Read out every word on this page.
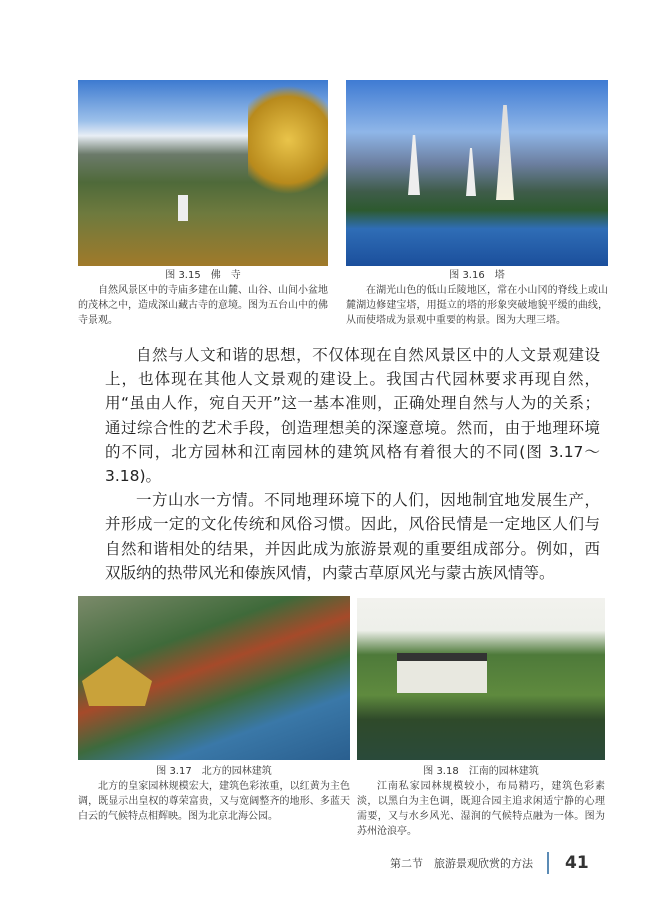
图 3.15　佛　寺

自然风景区中的寺庙多建在山麓、山谷、山间小盆地的茂林之中，造成深山藏古寺的意境。图为五台山中的佛寺景观。

图 3.16　塔

在湖光山色的低山丘陵地区，常在小山冈的脊线上或山麓湖边修建宝塔，用挺立的塔的形象突破地貌平缓的曲线，从而使塔成为景观中重要的构景。图为大理三塔。

自然与人文和谐的思想，不仅体现在自然风景区中的人文景观建设上，也体现在其他人文景观的建设上。我国古代园林要求再现自然，用“虽由人作，宛自天开”这一基本准则，正确处理自然与人为的关系；通过综合性的艺术手段，创造理想美的深邃意境。然而，由于地理环境的不同，北方园林和江南园林的建筑风格有着很大的不同(图 3.17～3.18)。

一方山水一方情。不同地理环境下的人们，因地制宜地发展生产，并形成一定的文化传统和风俗习惯。因此，风俗民情是一定地区人们与自然和谐相处的结果，并因此成为旅游景观的重要组成部分。例如，西双版纳的热带风光和傣族风情，内蒙古草原风光与蒙古族风情等。

图 3.17　北方的园林建筑

北方的皇家园林规模宏大，建筑色彩浓重，以红黄为主色调，既显示出皇权的尊荣富贵，又与宽阔整齐的地形、多蓝天白云的气候特点相辉映。图为北京北海公园。

图 3.18　江南的园林建筑

江南私家园林规模较小，布局精巧，建筑色彩素淡，以黑白为主色调，既迎合园主追求闲适宁静的心理需要，又与水乡风光、湿润的气候特点融为一体。图为苏州沧浪亭。

第二节　旅游景观欣赏的方法 41
